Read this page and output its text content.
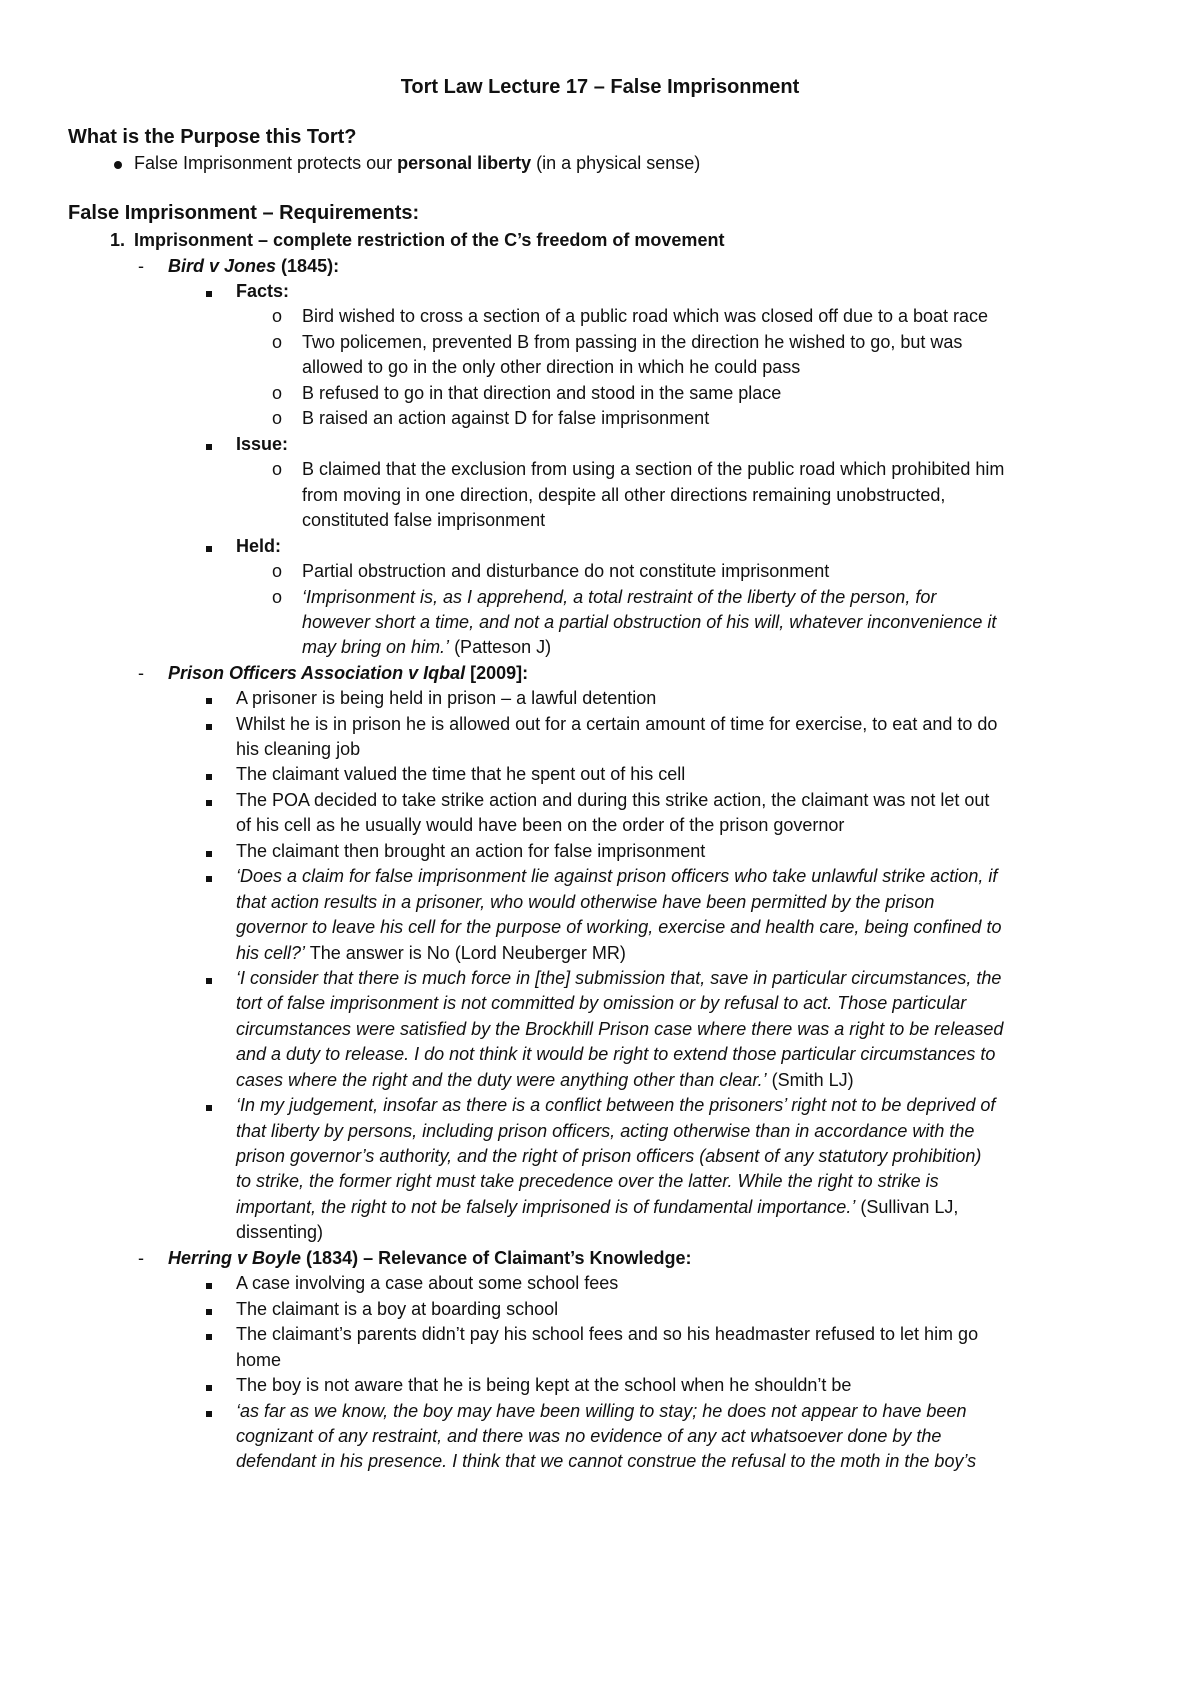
Tort Law Lecture 17 – False Imprisonment
What is the Purpose this Tort?
False Imprisonment protects our personal liberty (in a physical sense)
False Imprisonment – Requirements:
1. Imprisonment – complete restriction of the C’s freedom of movement
- Bird v Jones (1845):
Facts:
o Bird wished to cross a section of a public road which was closed off due to a boat race
o Two policemen, prevented B from passing in the direction he wished to go, but was
allowed to go in the only other direction in which he could pass
o B refused to go in that direction and stood in the same place
o B raised an action against D for false imprisonment
Issue:
o B claimed that the exclusion from using a section of the public road which prohibited him
from moving in one direction, despite all other directions remaining unobstructed,
constituted false imprisonment
Held:
o Partial obstruction and disturbance do not constitute imprisonment
o ‘Imprisonment is, as I apprehend, a total restraint of the liberty of the person, for
however short a time, and not a partial obstruction of his will, whatever inconvenience it
may bring on him.’ (Patteson J)
- Prison Officers Association v Iqbal [2009]:
A prisoner is being held in prison – a lawful detention
Whilst he is in prison he is allowed out for a certain amount of time for exercise, to eat and to do
his cleaning job
The claimant valued the time that he spent out of his cell
The POA decided to take strike action and during this strike action, the claimant was not let out
of his cell as he usually would have been on the order of the prison governor
The claimant then brought an action for false imprisonment
‘Does a claim for false imprisonment lie against prison officers who take unlawful strike action, if
that action results in a prisoner, who would otherwise have been permitted by the prison
governor to leave his cell for the purpose of working, exercise and health care, being confined to
his cell?’ The answer is No (Lord Neuberger MR)
‘I consider that there is much force in [the] submission that, save in particular circumstances, the
tort of false imprisonment is not committed by omission or by refusal to act. Those particular
circumstances were satisfied by the Brockhill Prison case where there was a right to be released
and a duty to release. I do not think it would be right to extend those particular circumstances to
cases where the right and the duty were anything other than clear.’ (Smith LJ)
‘In my judgement, insofar as there is a conflict between the prisoners’ right not to be deprived of
that liberty by persons, including prison officers, acting otherwise than in accordance with the
prison governor’s authority, and the right of prison officers (absent of any statutory prohibition)
to strike, the former right must take precedence over the latter. While the right to strike is
important, the right to not be falsely imprisoned is of fundamental importance.’ (Sullivan LJ,
dissenting)
- Herring v Boyle (1834) – Relevance of Claimant’s Knowledge:
A case involving a case about some school fees
The claimant is a boy at boarding school
The claimant’s parents didn’t pay his school fees and so his headmaster refused to let him go
home
The boy is not aware that he is being kept at the school when he shouldn’t be
‘as far as we know, the boy may have been willing to stay; he does not appear to have been
cognizant of any restraint, and there was no evidence of any act whatsoever done by the
defendant in his presence. I think that we cannot construe the refusal to the moth in the boy’s
